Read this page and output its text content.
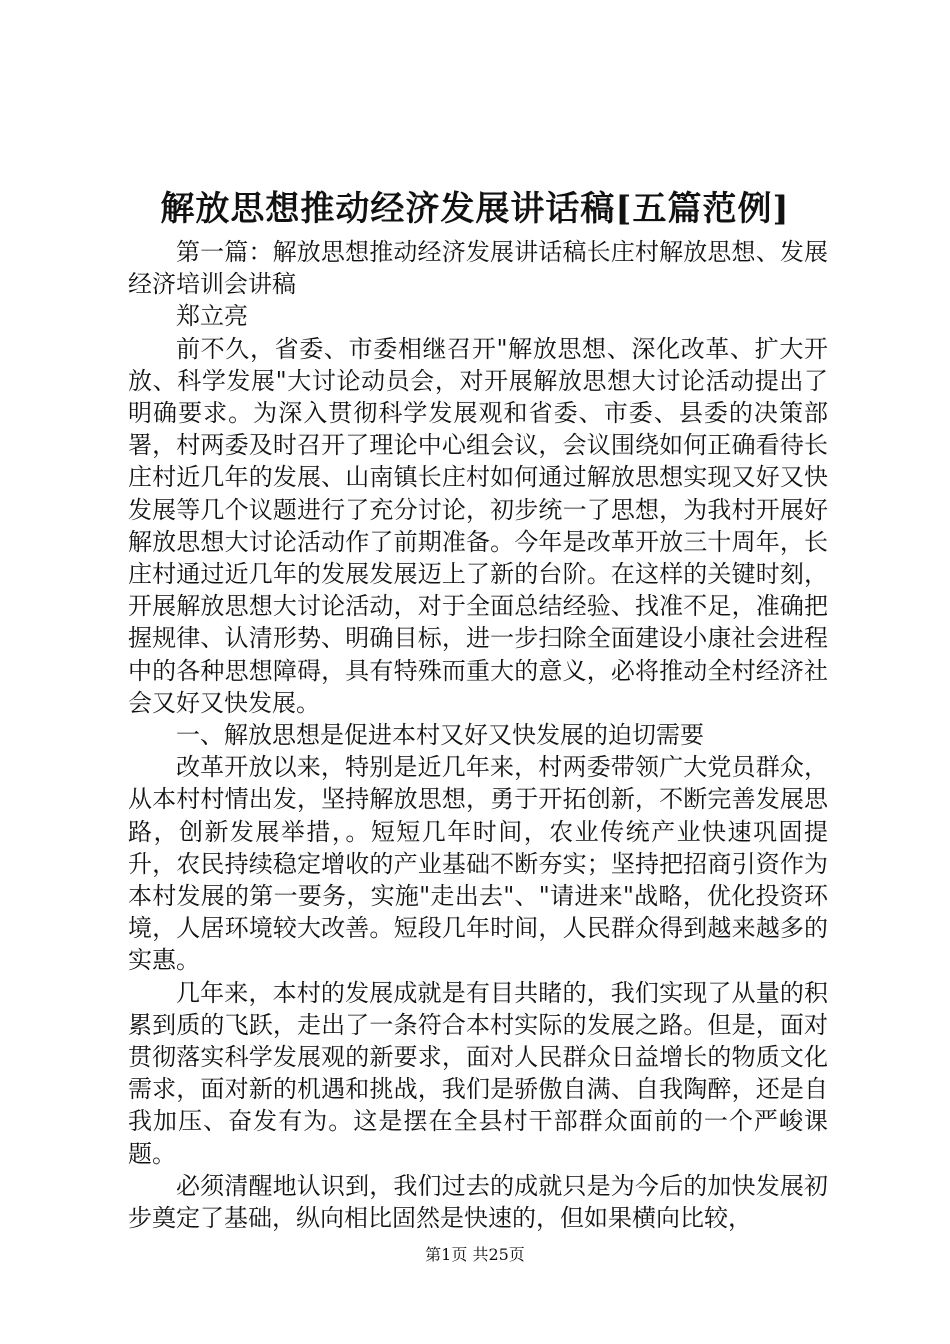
解放思想推动经济发展讲话稿[五篇范例]

第一篇：解放思想推动经济发展讲话稿长庄村解放思想、发展经济培训会讲稿

郑立亮

前不久，省委、市委相继召开"解放思想、深化改革、扩大开放、科学发展"大讨论动员会，对开展解放思想大讨论活动提出了明确要求。为深入贯彻科学发展观和省委、市委、县委的决策部署，村两委及时召开了理论中心组会议，会议围绕如何正确看待长庄村近几年的发展、山南镇长庄村如何通过解放思想实现又好又快发展等几个议题进行了充分讨论，初步统一了思想，为我村开展好解放思想大讨论活动作了前期准备。今年是改革开放三十周年，长庄村通过近几年的发展发展迈上了新的台阶。在这样的关键时刻，开展解放思想大讨论活动，对于全面总结经验、找准不足，准确把握规律、认清形势、明确目标，进一步扫除全面建设小康社会进程中的各种思想障碍，具有特殊而重大的意义，必将推动全村经济社会又好又快发展。

一、解放思想是促进本村又好又快发展的迫切需要

改革开放以来，特别是近几年来，村两委带领广大党员群众，从本村村情出发，坚持解放思想，勇于开拓创新，不断完善发展思路，创新发展举措，。短短几年时间，农业传统产业快速巩固提升，农民持续稳定增收的产业基础不断夯实；坚持把招商引资作为本村发展的第一要务，实施"走出去"、"请进来"战略，优化投资环境，人居环境较大改善。短段几年时间，人民群众得到越来越多的实惠。

几年来，本村的发展成就是有目共睹的，我们实现了从量的积累到质的飞跃，走出了一条符合本村实际的发展之路。但是，面对贯彻落实科学发展观的新要求，面对人民群众日益增长的物质文化需求，面对新的机遇和挑战，我们是骄傲自满、自我陶醉，还是自我加压、奋发有为。这是摆在全县村干部群众面前的一个严峻课题。

必须清醒地认识到，我们过去的成就只是为今后的加快发展初步奠定了基础，纵向相比固然是快速的，但如果横向比较，

第1页 共25页
